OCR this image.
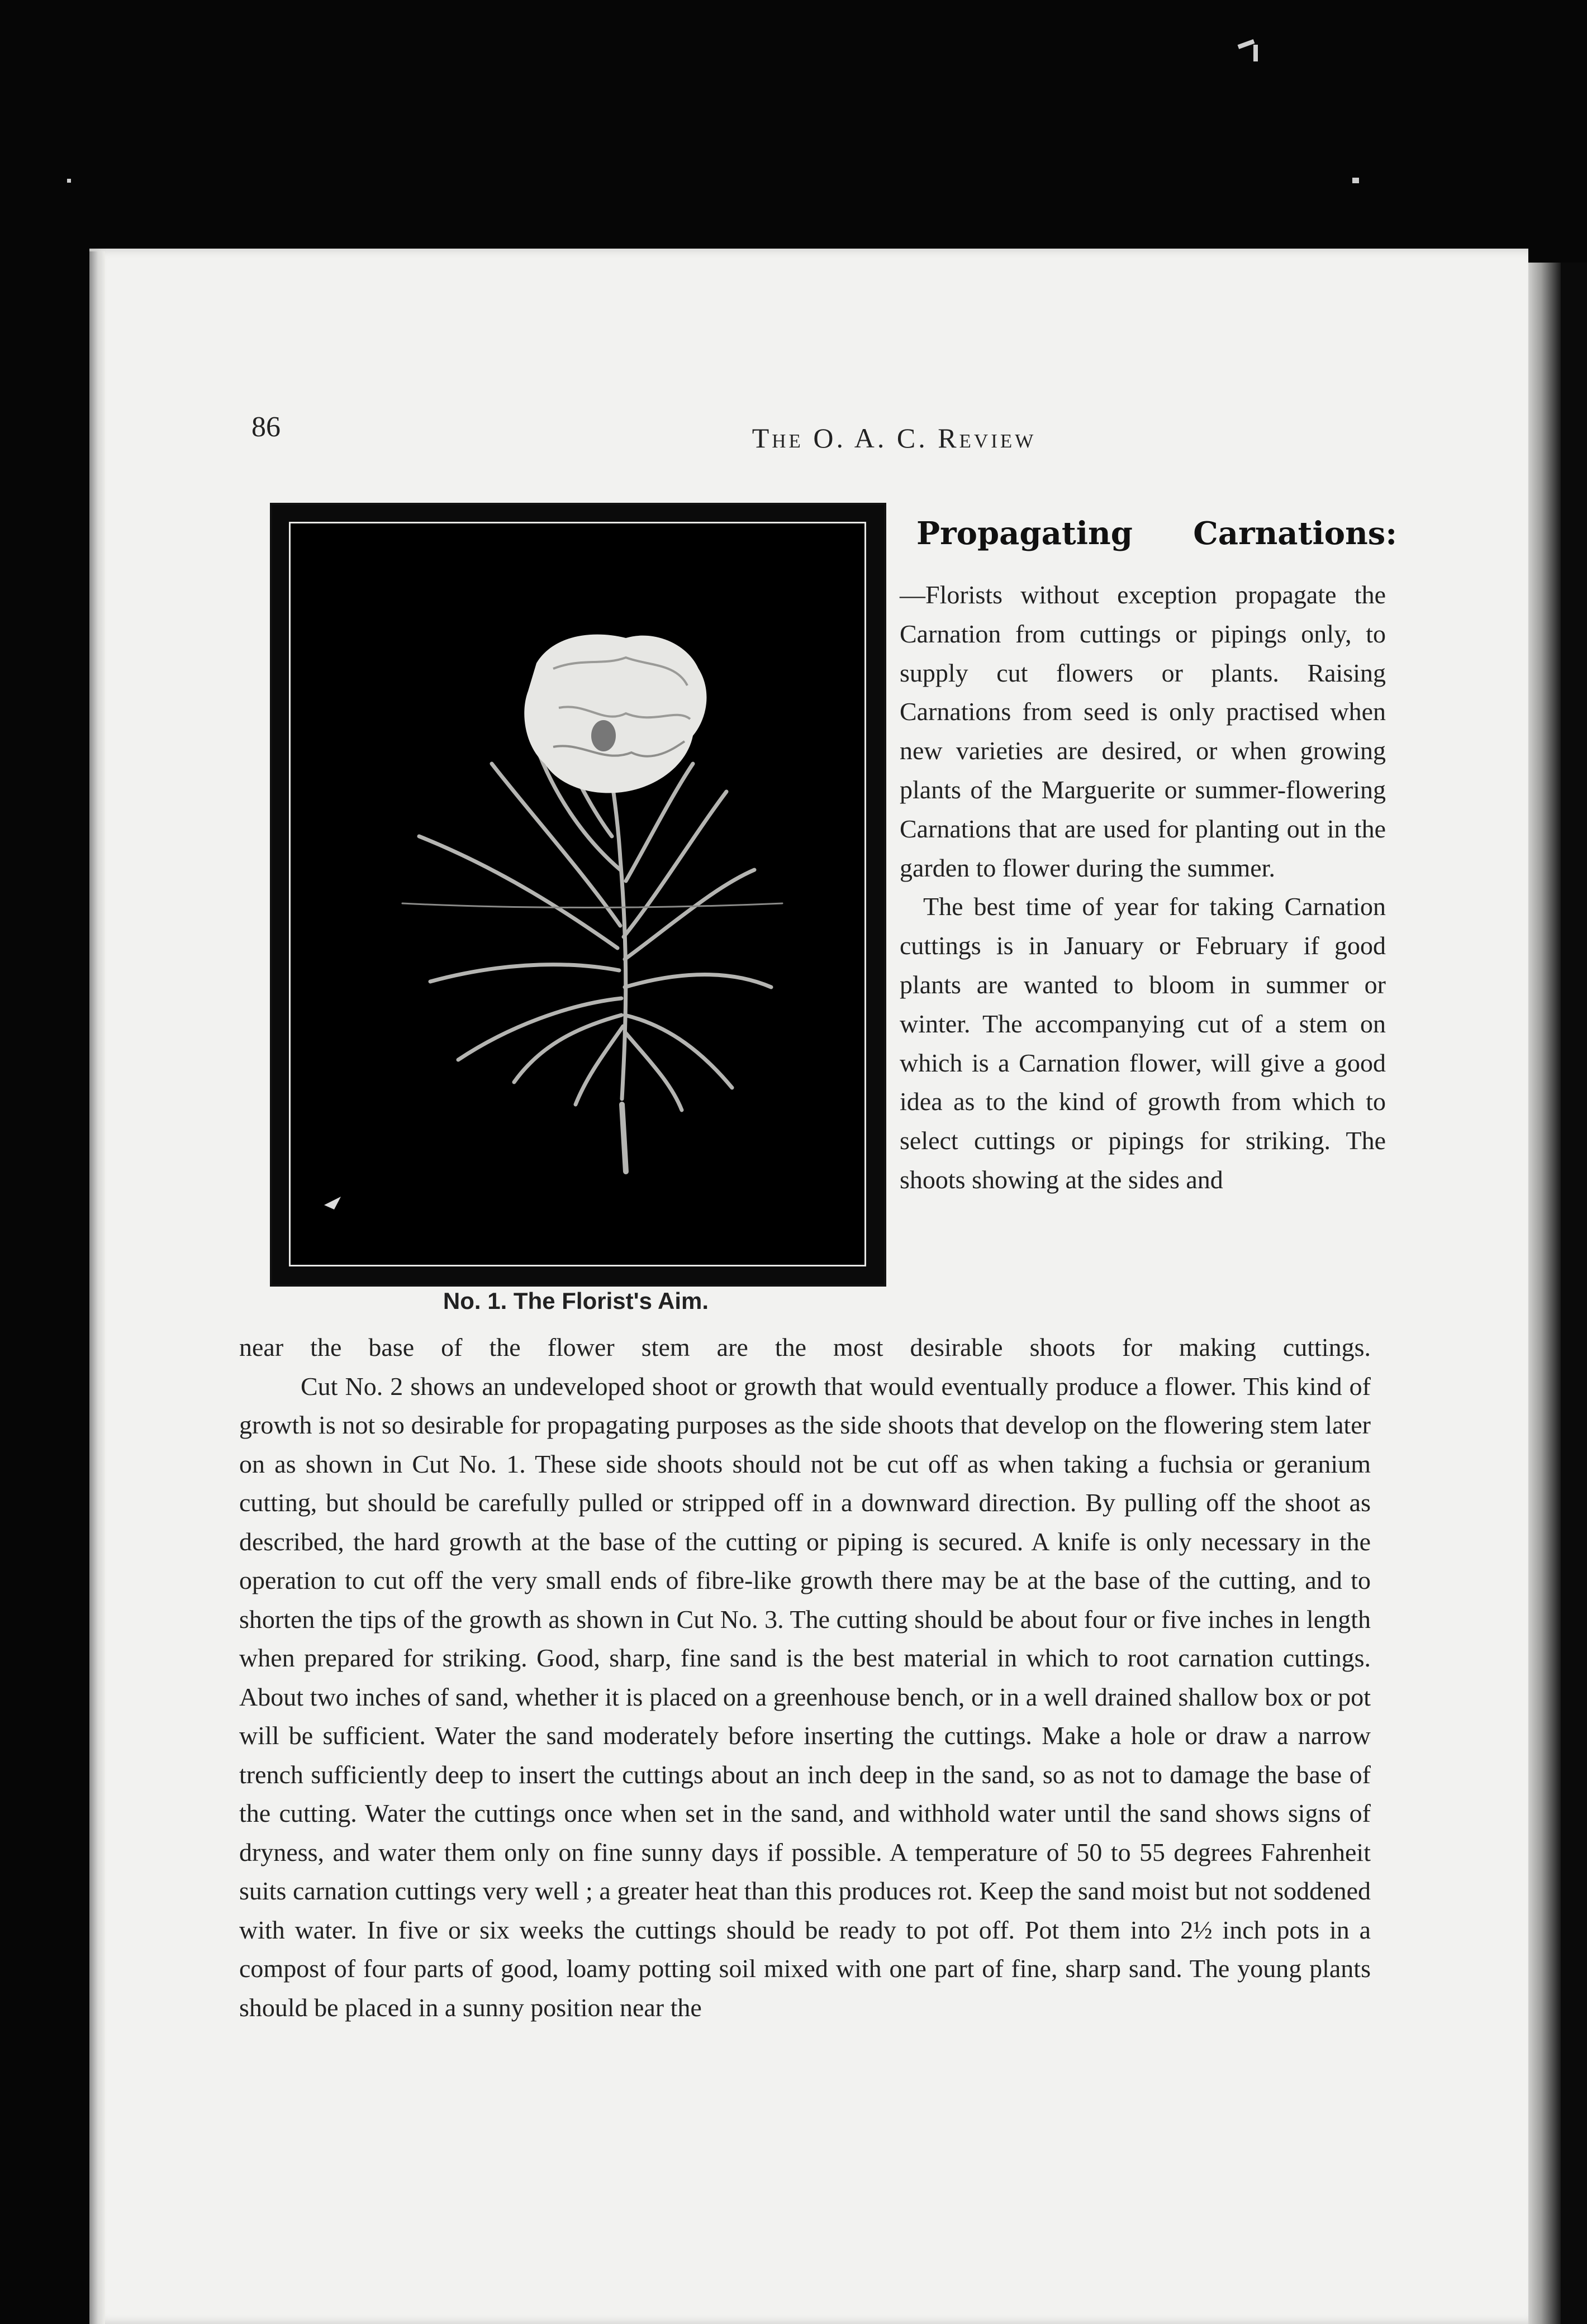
86	The O. A. C. Review
No. 1. The Florist's Aim.
Propagating Carnations:

—Florists without exception propagate the Carnation from cuttings or pipings only, to supply cut flowers or plants. Raising Carnations from seed is only practised when new varieties are desired, or when growing plants of the Marguerite or summer-flowering Carnations that are used for planting out in the garden to flower during the summer.

The best time of year for taking Carnation cuttings is in January or February if good plants are wanted to bloom in summer or winter. The accompanying cut of a stem on which is a Carnation flower, will give a good idea as to the kind of growth from which to select cuttings or pipings for striking. The shoots showing at the sides and

near the base of the flower stem are the most desirable shoots for making cuttings.

Cut No. 2 shows an undeveloped shoot or growth that would eventually produce a flower. This kind of growth is not so desirable for propagating purposes as the side shoots that develop on the flowering stem later on as shown in Cut No. 1. These side shoots should not be cut off as when taking a fuchsia or geranium cutting, but should be carefully pulled or stripped off in a downward direction. By pulling off the shoot as described, the hard growth at the base of the cutting or piping is secured. A knife is only necessary in the operation to cut off the very small ends of fibre-like growth there may be at the base of the cutting, and to shorten the tips of the growth as shown in Cut No. 3. The cutting should be about four or five inches in length when prepared for striking. Good, sharp, fine sand is the best material in which to root carnation cuttings. About two inches of sand, whether it is placed on a greenhouse bench, or in a well drained shallow box or pot will be sufficient. Water the sand moderately before inserting the cuttings. Make a hole or draw a narrow trench sufficiently deep to insert the cuttings about an inch deep in the sand, so as not to damage the base of the cutting. Water the cuttings once when set in the sand, and withhold water until the sand shows signs of dryness, and water them only on fine sunny days if possible. A temperature of 50 to 55 degrees Fahrenheit suits carnation cuttings very well ; a greater heat than this produces rot. Keep the sand moist but not soddened with water. In five or six weeks the cuttings should be ready to pot off. Pot them into 2½ inch pots in a compost of four parts of good, loamy potting soil mixed with one part of fine, sharp sand. The young plants should be placed in a sunny position near the
